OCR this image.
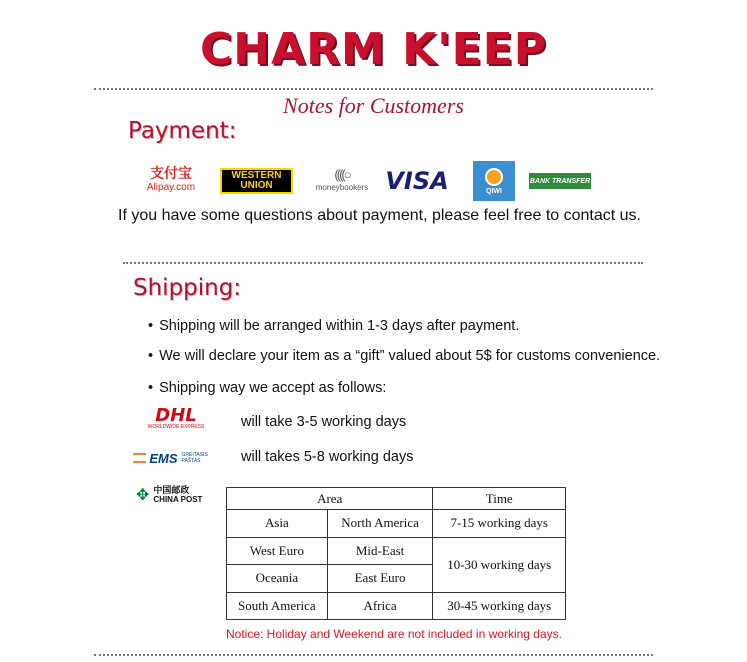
CHARM K'EEP
Notes for Customers
Payment:
支付宝
Alipay.com
WESTERN
UNION
((((○
moneybookers VISA	QIWI
BANK TRANSFER
If you have some questions about payment, please feel free to contact us.
Shipping:
• Shipping will be arranged within 1-3 days after payment.
• We will declare your item as a “gift” valued about 5$ for customs convenience.
• Shipping way we accept as follows:
DHL
WORLDWIDE EXPRESS	will take 3-5 working days
EMS GREITASIS PAŠTAS	will takes 5-8 working days
✥ 中国邮政
CHINA POST	Area		Time
Asia	North America	7-15 working days
West Euro	Mid-East	10-30 working days
Oceania	East Euro	
South America	Africa	30-45 working days
Notice: Holiday and Weekend are not included in working days.
